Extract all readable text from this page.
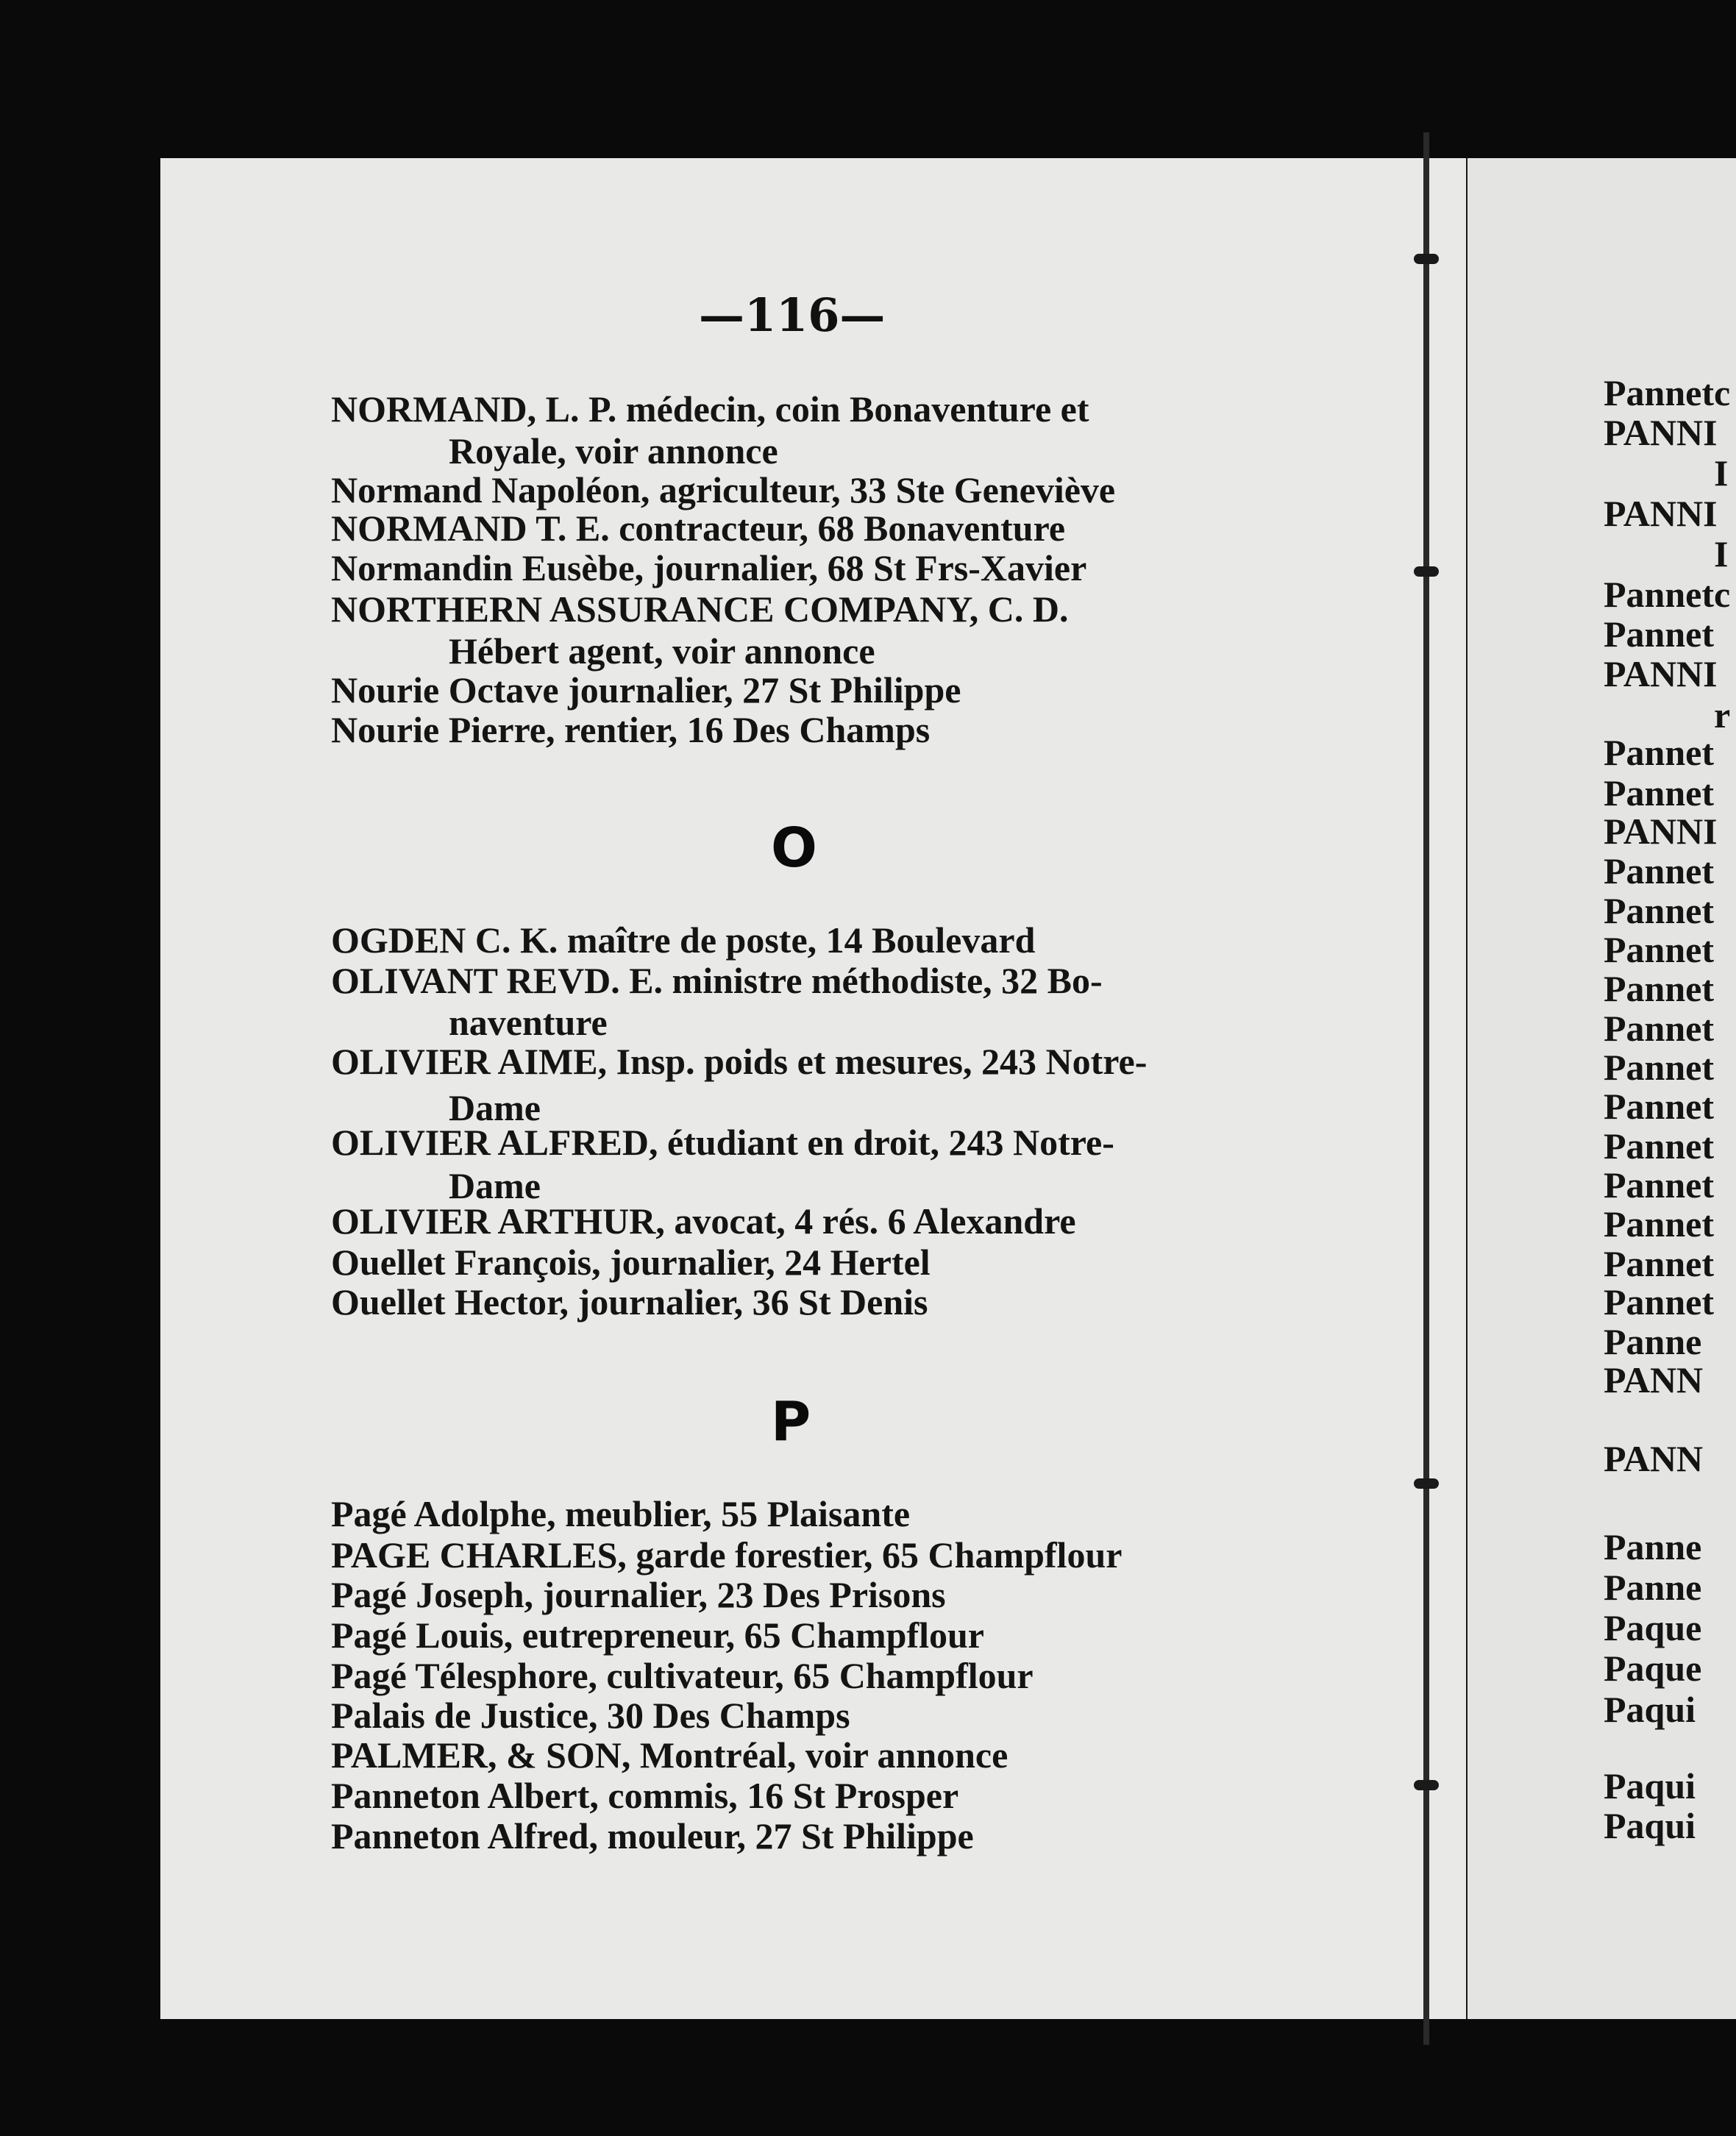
—116—
NORMAND, L. P. médecin, coin Bonaventure et
Royale, voir annonce
Normand Napoléon, agriculteur, 33 Ste Geneviève
NORMAND T. E. contracteur, 68 Bonaventure
Normandin Eusèbe, journalier, 68 St Frs-Xavier
NORTHERN ASSURANCE COMPANY, C. D.
Hébert agent, voir annonce
Nourie Octave journalier, 27 St Philippe
Nourie Pierre, rentier, 16 Des Champs
O
OGDEN C. K. maître de poste, 14 Boulevard
OLIVANT REVD. E. ministre méthodiste, 32 Bo-
naventure
OLIVIER AIME, Insp. poids et mesures, 243 Notre-
Dame
OLIVIER ALFRED, étudiant en droit, 243 Notre-
Dame
OLIVIER ARTHUR, avocat, 4 rés. 6 Alexandre
Ouellet François, journalier, 24 Hertel
Ouellet Hector, journalier, 36 St Denis
P
Pagé Adolphe, meublier, 55 Plaisante
PAGE CHARLES, garde forestier, 65 Champflour
Pagé Joseph, journalier, 23 Des Prisons
Pagé Louis, eutrepreneur, 65 Champflour
Pagé Télesphore, cultivateur, 65 Champflour
Palais de Justice, 30 Des Champs
PALMER, & SON, Montréal, voir annonce
Panneton Albert, commis, 16 St Prosper
Panneton Alfred, mouleur, 27 St Philippe
Pannetc
PANNI
I
PANNI
I
Pannetc
Pannet
PANNI
r
Pannet
Pannet
PANNI
Pannet
Pannet
Pannet
Pannet
Pannet
Pannet
Pannet
Pannet
Pannet
Pannet
Pannet
Pannet
Panne
PANN
PANN
Panne
Panne
Paque
Paque
Paqui
Paqui
Paqui
